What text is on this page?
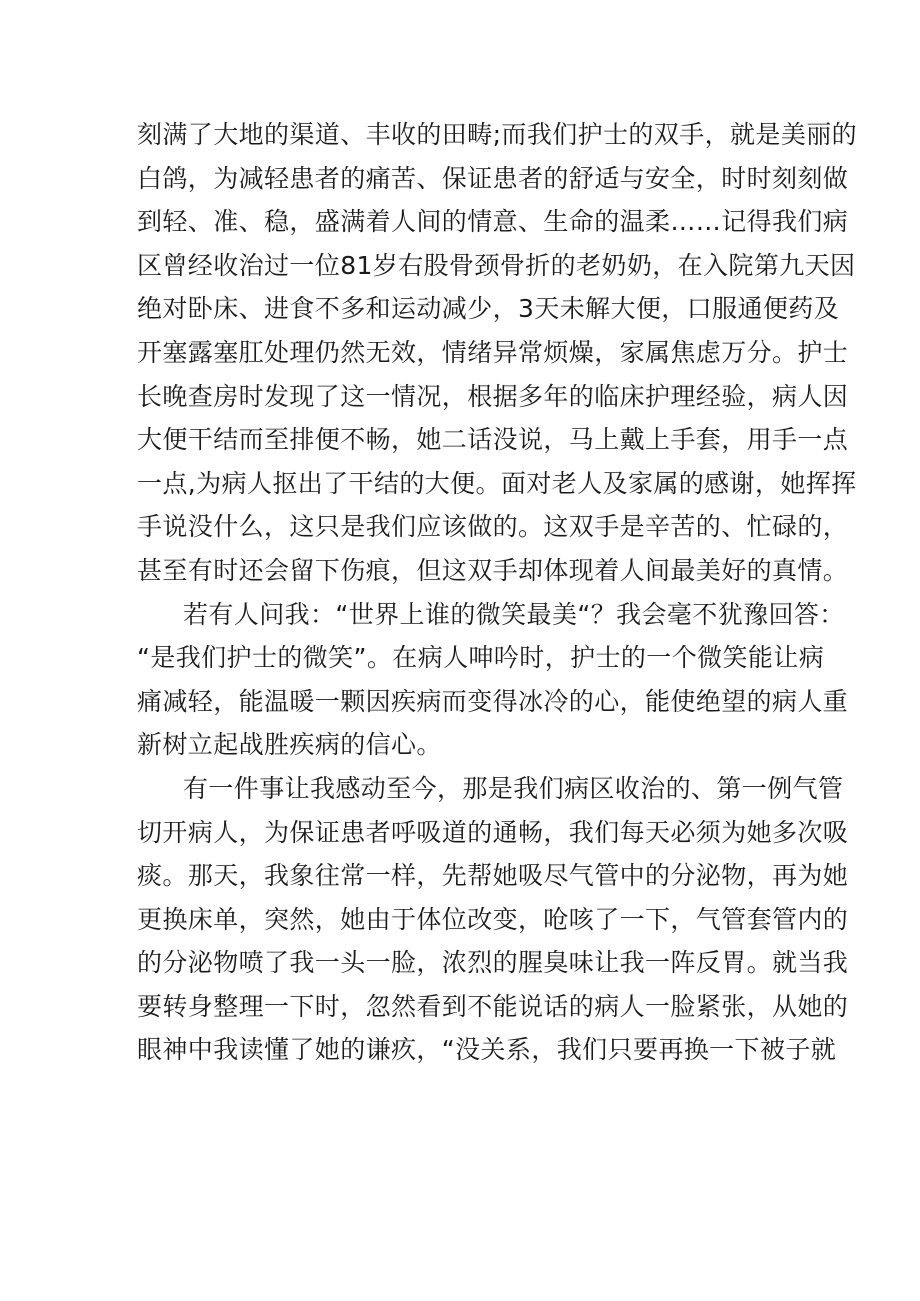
刻满了大地的渠道、丰收的田畴;而我们护士的双手，就是美丽的
白鸽，为减轻患者的痛苦、保证患者的舒适与安全，时时刻刻做
到轻、准、稳，盛满着人间的情意、生命的温柔……记得我们病
区曾经收治过一位81岁右股骨颈骨折的老奶奶，在入院第九天因
绝对卧床、进食不多和运动减少，3天未解大便，口服通便药及
开塞露塞肛处理仍然无效，情绪异常烦燥，家属焦虑万分。护士
长晚查房时发现了这一情况，根据多年的临床护理经验，病人因
大便干结而至排便不畅，她二话没说，马上戴上手套，用手一点
一点,为病人抠出了干结的大便。面对老人及家属的感谢，她挥挥
手说没什么，这只是我们应该做的。这双手是辛苦的、忙碌的，
甚至有时还会留下伤痕，但这双手却体现着人间最美好的真情。
若有人问我：“世界上谁的微笑最美“？我会毫不犹豫回答：
“是我们护士的微笑”。在病人呻吟时，护士的一个微笑能让病
痛减轻，能温暖一颗因疾病而变得冰冷的心，能使绝望的病人重
新树立起战胜疾病的信心。
有一件事让我感动至今，那是我们病区收治的、第一例气管
切开病人，为保证患者呼吸道的通畅，我们每天必须为她多次吸
痰。那天，我象往常一样，先帮她吸尽气管中的分泌物，再为她
更换床单，突然，她由于体位改变，呛咳了一下，气管套管内的
的分泌物喷了我一头一脸，浓烈的腥臭味让我一阵反胃。就当我
要转身整理一下时，忽然看到不能说话的病人一脸紧张，从她的
眼神中我读懂了她的谦疚，“没关系，我们只要再换一下被子就
